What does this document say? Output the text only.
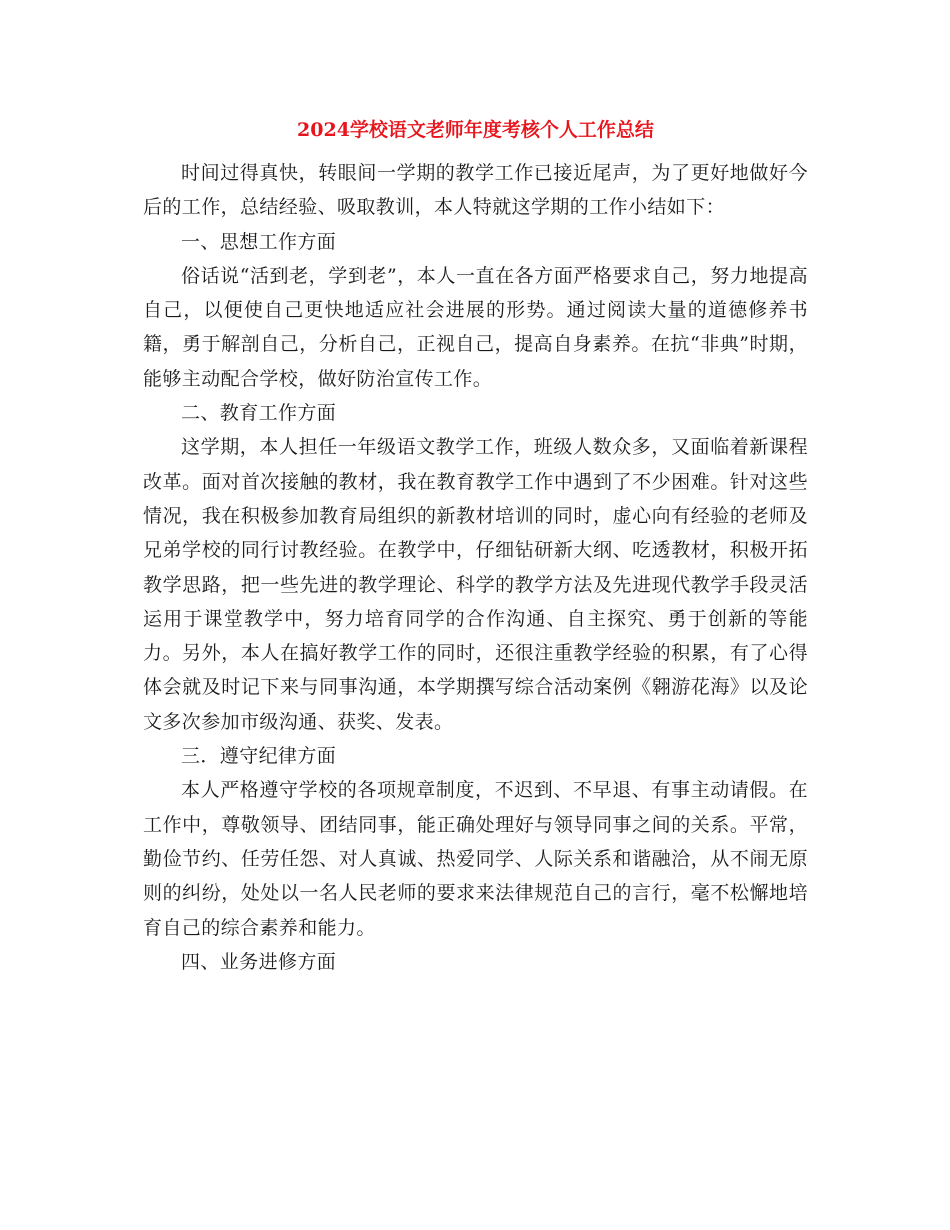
2024学校语文老师年度考核个人工作总结

时间过得真快，转眼间一学期的教学工作已接近尾声，为了更好地做好今后的工作，总结经验、吸取教训，本人特就这学期的工作小结如下：

一、思想工作方面

俗话说“活到老，学到老”，本人一直在各方面严格要求自己，努力地提高自己，以便使自己更快地适应社会进展的形势。通过阅读大量的道德修养书籍，勇于解剖自己，分析自己，正视自己，提高自身素养。在抗“非典”时期，能够主动配合学校，做好防治宣传工作。

二、教育工作方面

这学期，本人担任一年级语文教学工作，班级人数众多，又面临着新课程改革。面对首次接触的教材，我在教育教学工作中遇到了不少困难。针对这些情况，我在积极参加教育局组织的新教材培训的同时，虚心向有经验的老师及兄弟学校的同行讨教经验。在教学中，仔细钻研新大纲、吃透教材，积极开拓教学思路，把一些先进的教学理论、科学的教学方法及先进现代教学手段灵活运用于课堂教学中，努力培育同学的合作沟通、自主探究、勇于创新的等能力。另外，本人在搞好教学工作的同时，还很注重教学经验的积累，有了心得体会就及时记下来与同事沟通，本学期撰写综合活动案例《翱游花海》以及论文多次参加市级沟通、获奖、发表。

三．遵守纪律方面

本人严格遵守学校的各项规章制度，不迟到、不早退、有事主动请假。在工作中，尊敬领导、团结同事，能正确处理好与领导同事之间的关系。平常，勤俭节约、任劳任怨、对人真诚、热爱同学、人际关系和谐融洽，从不闹无原则的纠纷，处处以一名人民老师的要求来法律规范自己的言行，毫不松懈地培育自己的综合素养和能力。

四、业务进修方面
